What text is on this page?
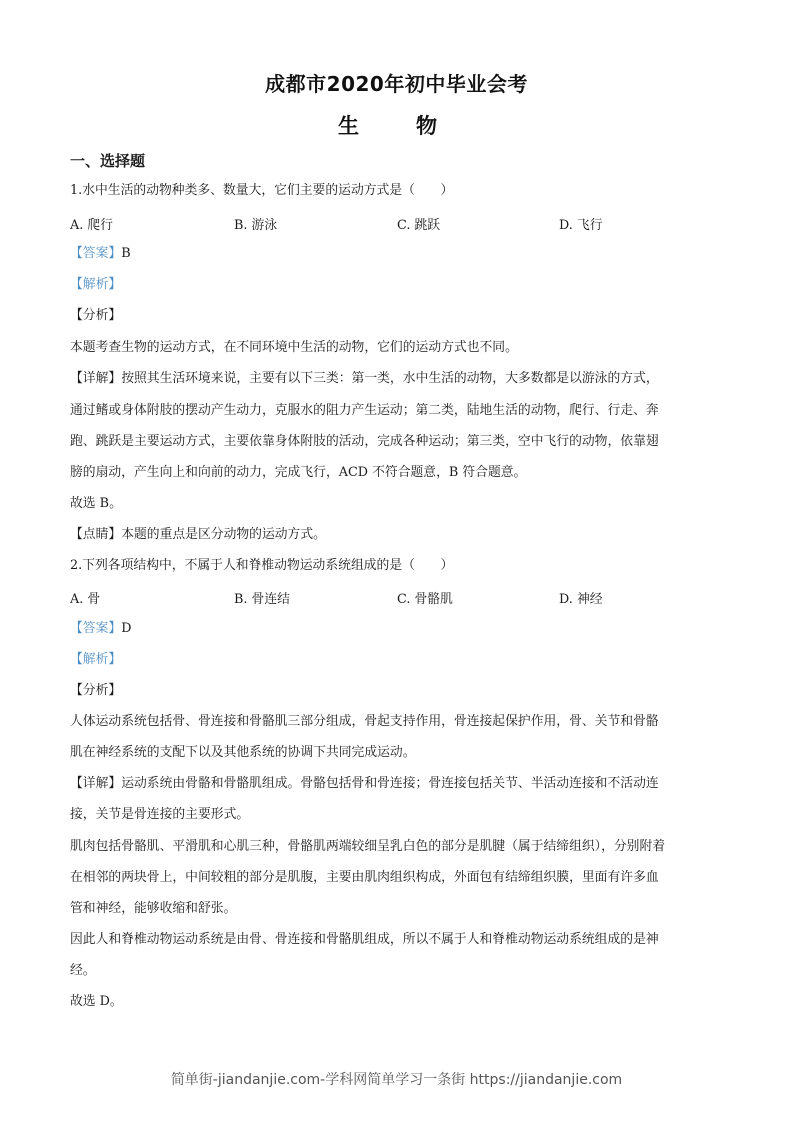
成都市2020年初中毕业会考
生　物
一、选择题
1.水中生活的动物种类多、数量大，它们主要的运动方式是（　　）
A. 爬行	B. 游泳	C. 跳跃	D. 飞行
【答案】B
【解析】
【分析】
本题考查生物的运动方式，在不同环境中生活的动物，它们的运动方式也不同。
【详解】按照其生活环境来说，主要有以下三类：第一类，水中生活的动物，大多数都是以游泳的方式，
通过鳍或身体附肢的摆动产生动力，克服水的阻力产生运动；第二类，陆地生活的动物，爬行、行走、奔
跑、跳跃是主要运动方式，主要依靠身体附肢的活动，完成各种运动；第三类，空中飞行的动物，依靠翅
膀的扇动，产生向上和向前的动力，完成飞行，ACD 不符合题意，B 符合题意。
故选 B。
【点睛】本题的重点是区分动物的运动方式。
2.下列各项结构中，不属于人和脊椎动物运动系统组成的是（　　）
A. 骨	B. 骨连结	C. 骨骼肌	D. 神经
【答案】D
【解析】
【分析】
人体运动系统包括骨、骨连接和骨骼肌三部分组成，骨起支持作用，骨连接起保护作用，骨、关节和骨骼
肌在神经系统的支配下以及其他系统的协调下共同完成运动。
【详解】运动系统由骨骼和骨骼肌组成。骨骼包括骨和骨连接；骨连接包括关节、半活动连接和不活动连
接，关节是骨连接的主要形式。
肌肉包括骨骼肌、平滑肌和心肌三种，骨骼肌两端较细呈乳白色的部分是肌腱（属于结缔组织），分别附着
在相邻的两块骨上，中间较粗的部分是肌腹，主要由肌肉组织构成，外面包有结缔组织膜，里面有许多血
管和神经，能够收缩和舒张。
因此人和脊椎动物运动系统是由骨、骨连接和骨骼肌组成，所以不属于人和脊椎动物运动系统组成的是神
经。
故选 D。
简单街-jiandanjie.com-学科网简单学习一条街 https://jiandanjie.com
